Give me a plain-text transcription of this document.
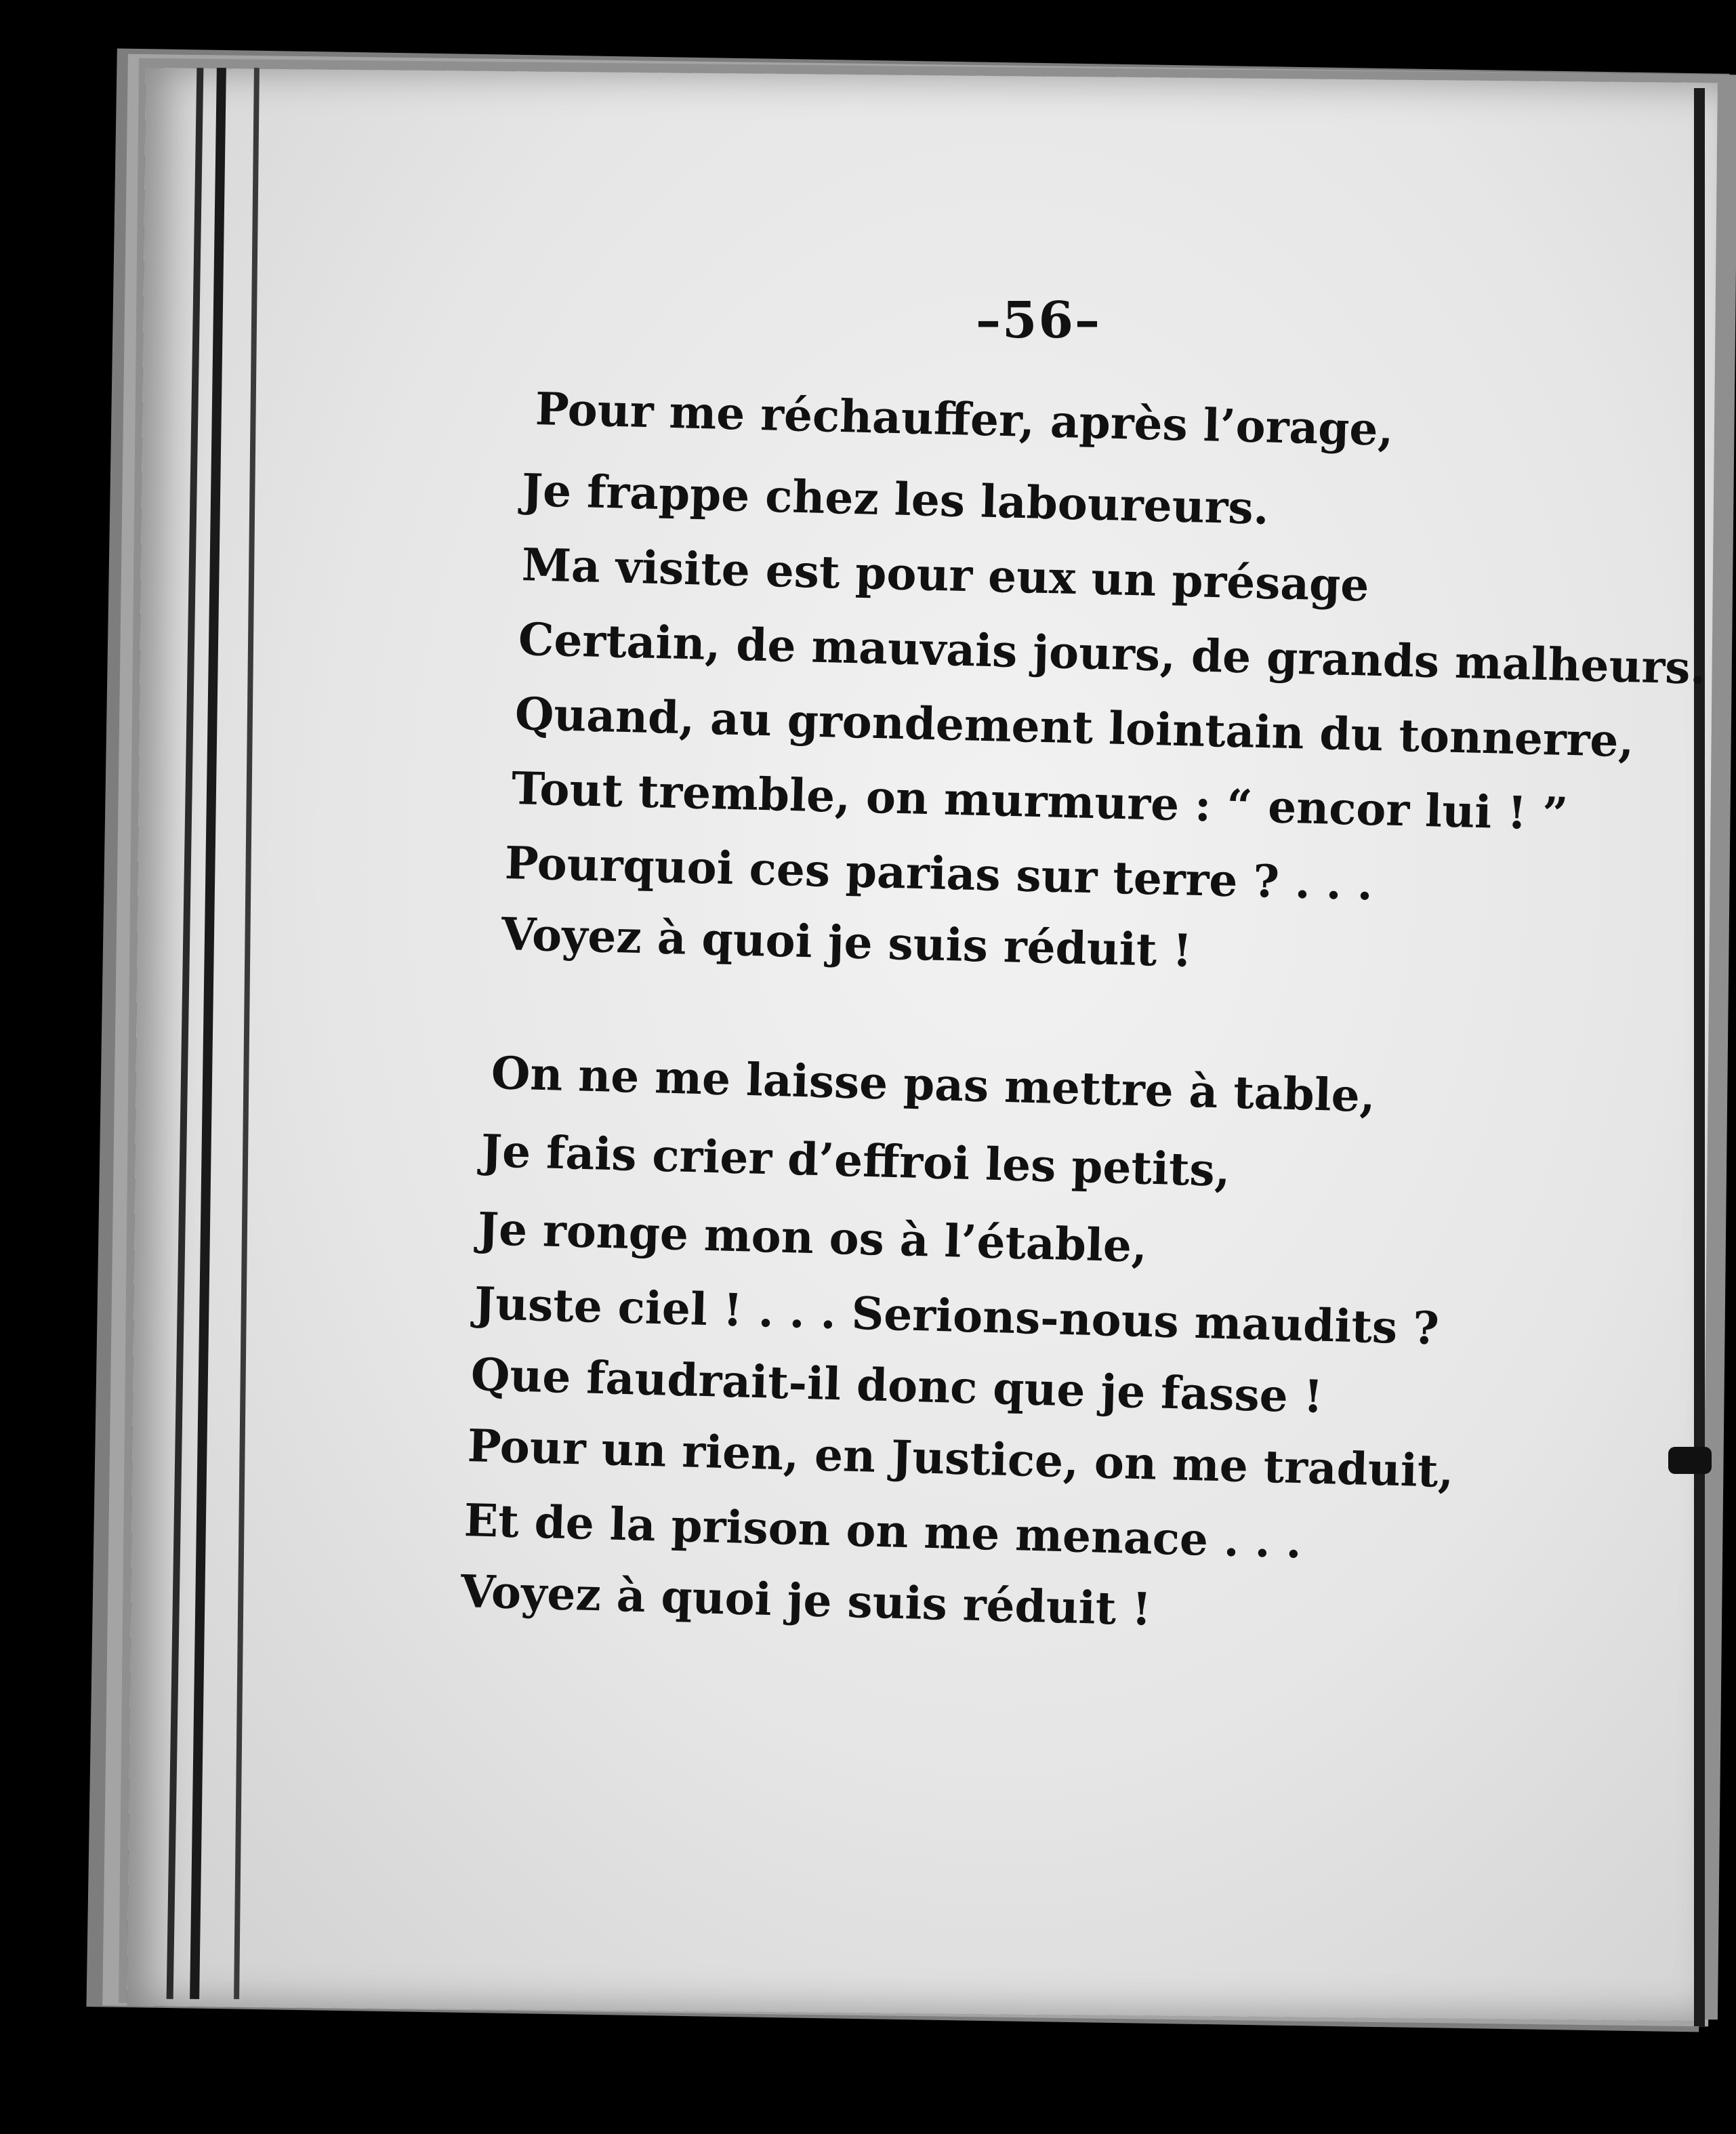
–56–
Pour me réchauffer, après l’orage,
Je frappe chez les laboureurs.
Ma visite est pour eux un présage
Certain, de mauvais jours, de grands malheurs.
Quand, au grondement lointain du tonnerre,
Tout tremble, on murmure : “ encor lui ! ”
Pourquoi ces parias sur terre ? . . .
Voyez à quoi je suis réduit !
On ne me laisse pas mettre à table,
Je fais crier d’effroi les petits,
Je ronge mon os à l’étable,
Juste ciel ! . . . Serions-nous maudits ?
Que faudrait-il donc que je fasse !
Pour un rien, en Justice, on me traduit,
Et de la prison on me menace . . .
Voyez à quoi je suis réduit !
